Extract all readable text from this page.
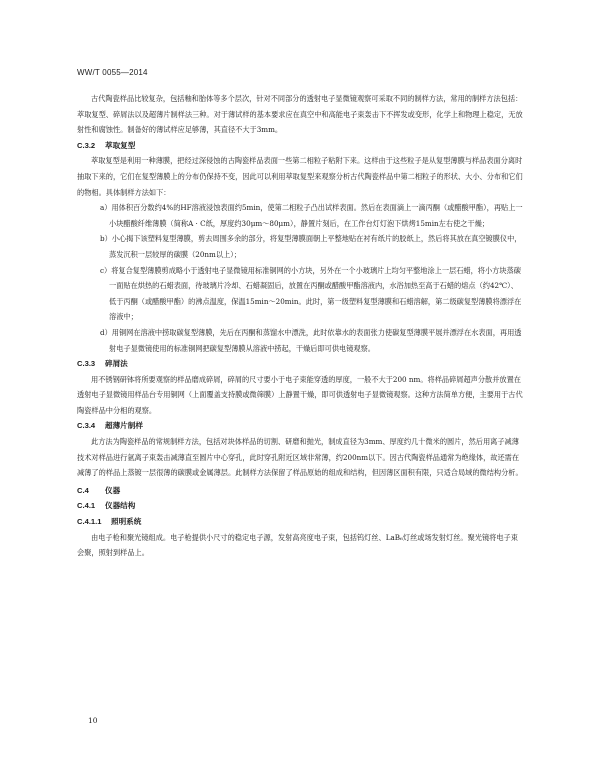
WW/T 0055—2014

古代陶瓷样品比较复杂，包括釉和胎体等多个层次，针对不同部分的透射电子显微镜观察可采取不同的制样方法，常用的制样方法包括：萃取复型、碎屑法以及超薄片制样法三种。对于薄试样的基本要求应在真空中和高能电子束轰击下不挥发或变形，化学上和物理上稳定，无放射性和腐蚀性。制备好的薄试样应足够薄，其直径不大于3mm。

C.3.2 萃取复型

萃取复型是利用一种薄膜，把经过深侵蚀的古陶瓷样品表面一些第二相粒子粘附下来。这样由于这些粒子是从复型薄膜与样品表面分离时抽取下来的，它们在复型薄膜上的分布仍保持不变，因此可以利用萃取复型来观察分析古代陶瓷样品中第二相粒子的形状、大小、分布和它们的物相。具体制样方法如下：

a）用体积百分数约4%的HF溶液浸蚀表面约5min，使第二相粒子凸出试样表面。然后在表面滴上一滴丙酮（或醋酸甲酯），再贴上一小块醋酸纤维薄膜（简称A · C纸，厚度约30μm～80μm），静置片刻后，在工作台灯灯泡下烘烤15min左右使之干燥；
b）小心揭下该塑料复型薄膜，剪去周围多余的部分，将复型薄膜面朝上平整地贴在衬有纸片的胶纸上，然后将其放在真空镀膜仪中，蒸发沉积一层较厚的碳膜（20nm以上）；
c）将复合复型薄膜剪成略小于透射电子显微镜用标准铜网的小方块，另外在一个小玻璃片上均匀平整地涂上一层石蜡，将小方块蒸碳一面贴在烘热的石蜡表面，待玻璃片冷却、石蜡凝固后，放置在丙酮或醋酸甲酯溶液内，水浴加热至高于石蜡的熔点（约42℃）、低于丙酮（或醋酸甲酯）的沸点温度，保温15min～20min。此时，第一级塑料复型薄膜和石蜡溶解，第二级碳复型薄膜将漂浮在溶液中；
d）用铜网在溶液中捞取碳复型薄膜，先后在丙酮和蒸馏水中漂洗，此时依靠水的表面张力使碳复型薄膜平展并漂浮在水表面，再用透射电子显微镜使用的标准铜网把碳复型薄膜从溶液中捞起，干燥后即可供电镜观察。
C.3.3 碎屑法

用不锈钢研钵将所要观察的样品磨成碎屑，碎屑的尺寸要小于电子束能穿透的厚度，一般不大于200 nm。将样品碎屑超声分散并放置在透射电子显微镜用样品台专用铜网（上面覆盖支持膜或微筛膜）上静置干燥，即可供透射电子显微镜观察。这种方法简单方便，主要用于古代陶瓷样品中分相的观察。

C.3.4 超薄片制样

此方法为陶瓷样品的常规制样方法，包括对块体样品的切割、研磨和抛光，制成直径为3mm、厚度约几十微米的圆片，然后用离子减薄技术对样品进行氩离子束轰击减薄直至圆片中心穿孔，此时穿孔附近区域非常薄，约200nm以下。因古代陶瓷样品通常为绝缘体，故还需在减薄了的样品上蒸镀一层很薄的碳膜或金属薄层。此制样方法保留了样品原始的组成和结构，但因薄区面积有限，只适合局域的微结构分析。

C.4 仪器
C.4.1 仪器结构
C.4.1.1 照明系统

由电子枪和聚光镜组成。电子枪提供小尺寸的稳定电子源，发射高亮度电子束，包括钨灯丝、LaB₆灯丝或场发射灯丝。聚光镜将电子束会聚，照射到样品上。

10
